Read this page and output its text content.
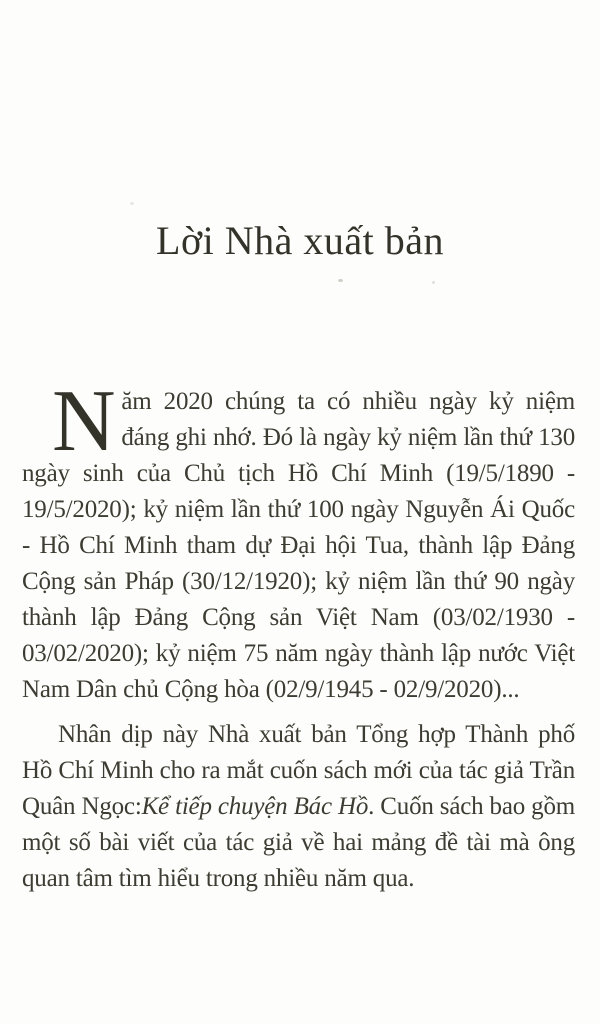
Lời Nhà xuất bản

Năm 2020 chúng ta có nhiều ngày kỷ niệm đáng ghi nhớ. Đó là ngày kỷ niệm lần thứ 130 ngày sinh của Chủ tịch Hồ Chí Minh (19/5/1890 - 19/5/2020); kỷ niệm lần thứ 100 ngày Nguyễn Ái Quốc - Hồ Chí Minh tham dự Đại hội Tua, thành lập Đảng Cộng sản Pháp (30/12/1920); kỷ niệm lần thứ 90 ngày thành lập Đảng Cộng sản Việt Nam (03/02/1930 - 03/02/2020); kỷ niệm 75 năm ngày thành lập nước Việt Nam Dân chủ Cộng hòa (02/9/1945 - 02/9/2020)...

Nhân dịp này Nhà xuất bản Tổng hợp Thành phố Hồ Chí Minh cho ra mắt cuốn sách mới của tác giả Trần Quân Ngọc:Kể tiếp chuyện Bác Hồ. Cuốn sách bao gồm một số bài viết của tác giả về hai mảng đề tài mà ông quan tâm tìm hiểu trong nhiều năm qua.
